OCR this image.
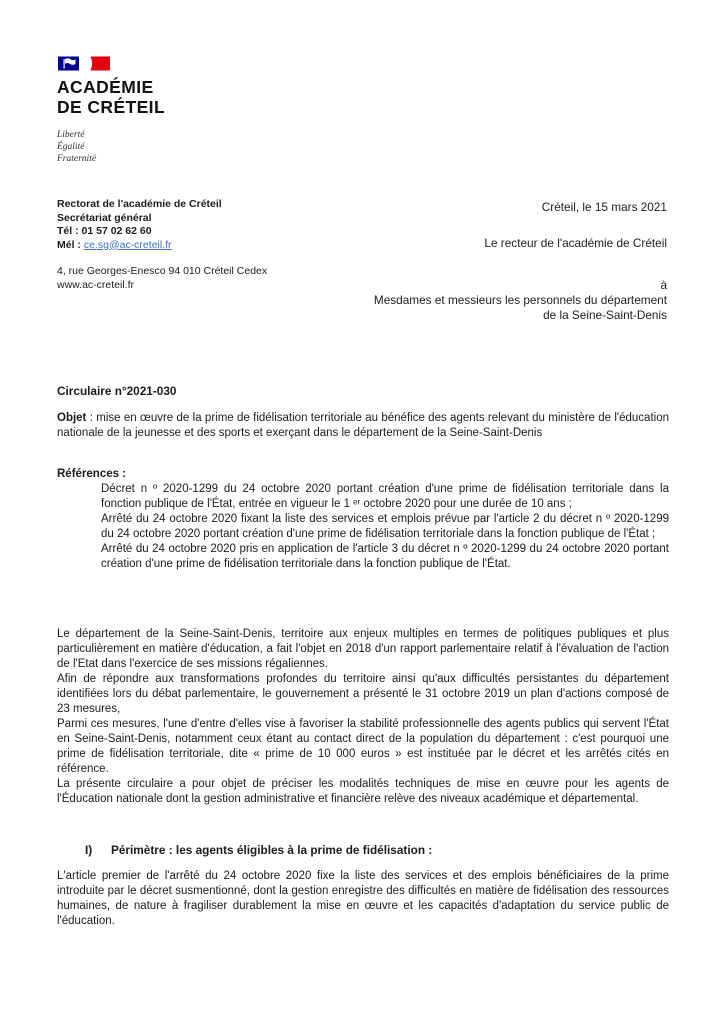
ACADÉMIE
DE CRÉTEIL
Liberté
Égalité
Fraternité
Rectorat de l'académie de Créteil
Secrétariat général
Tél : 01 57 02 62 60
Mél : ce.sg@ac-creteil.fr
4, rue Georges-Enesco 94 010 Créteil Cedex
www.ac-creteil.fr
Créteil, le 15 mars 2021
Le recteur de l'académie de Créteil
à
Mesdames et messieurs les personnels du département
de la Seine-Saint-Denis
Circulaire n°2021-030
Objet : mise en œuvre de la prime de fidélisation territoriale au bénéfice des agents relevant du ministère de l'éducation nationale de la jeunesse et des sports et exerçant dans le département de la Seine-Saint-Denis
Références :
Décret n º 2020-1299 du 24 octobre 2020 portant création d'une prime de fidélisation territoriale dans la fonction publique de l'État, entrée en vigueur le 1 ᵉʳ octobre 2020 pour une durée de 10 ans ;
Arrêté du 24 octobre 2020 fixant la liste des services et emplois prévue par l'article 2 du décret n º 2020-1299 du 24 octobre 2020 portant création d'une prime de fidélisation territoriale dans la fonction publique de l'État ;
Arrêté du 24 octobre 2020 pris en application de l'article 3 du décret n º 2020-1299 du 24 octobre 2020 portant création d'une prime de fidélisation territoriale dans la fonction publique de l'État.

Le département de la Seine-Saint-Denis, territoire aux enjeux multiples en termes de politiques publiques et plus particulièrement en matière d'éducation, a fait l'objet en 2018 d'un rapport parlementaire relatif à l'évaluation de l'action de l'Etat dans l'exercice de ses missions régaliennes.

Afin de répondre aux transformations profondes du territoire ainsi qu'aux difficultés persistantes du département identifiées lors du débat parlementaire, le gouvernement a présenté le 31 octobre 2019 un plan d'actions composé de 23 mesures,

Parmi ces mesures, l'une d'entre d'elles vise à favoriser la stabilité professionnelle des agents publics qui servent l'État en Seine-Saint-Denis, notamment ceux étant au contact direct de la population du département : c'est pourquoi une prime de fidélisation territoriale, dite « prime de 10 000 euros » est instituée par le décret et les arrêtés cités en référence.

La présente circulaire a pour objet de préciser les modalités techniques de mise en œuvre pour les agents de l'Éducation nationale dont la gestion administrative et financière relève des niveaux académique et départemental.

I)	Périmètre : les agents éligibles à la prime de fidélisation :
L'article premier de l'arrêté du 24 octobre 2020 fixe la liste des services et des emplois bénéficiaires de la prime introduite par le décret susmentionné, dont la gestion enregistre des difficultés en matière de fidélisation des ressources humaines, de nature à fragiliser durablement la mise en œuvre et les capacités d'adaptation du service public de l'éducation.
